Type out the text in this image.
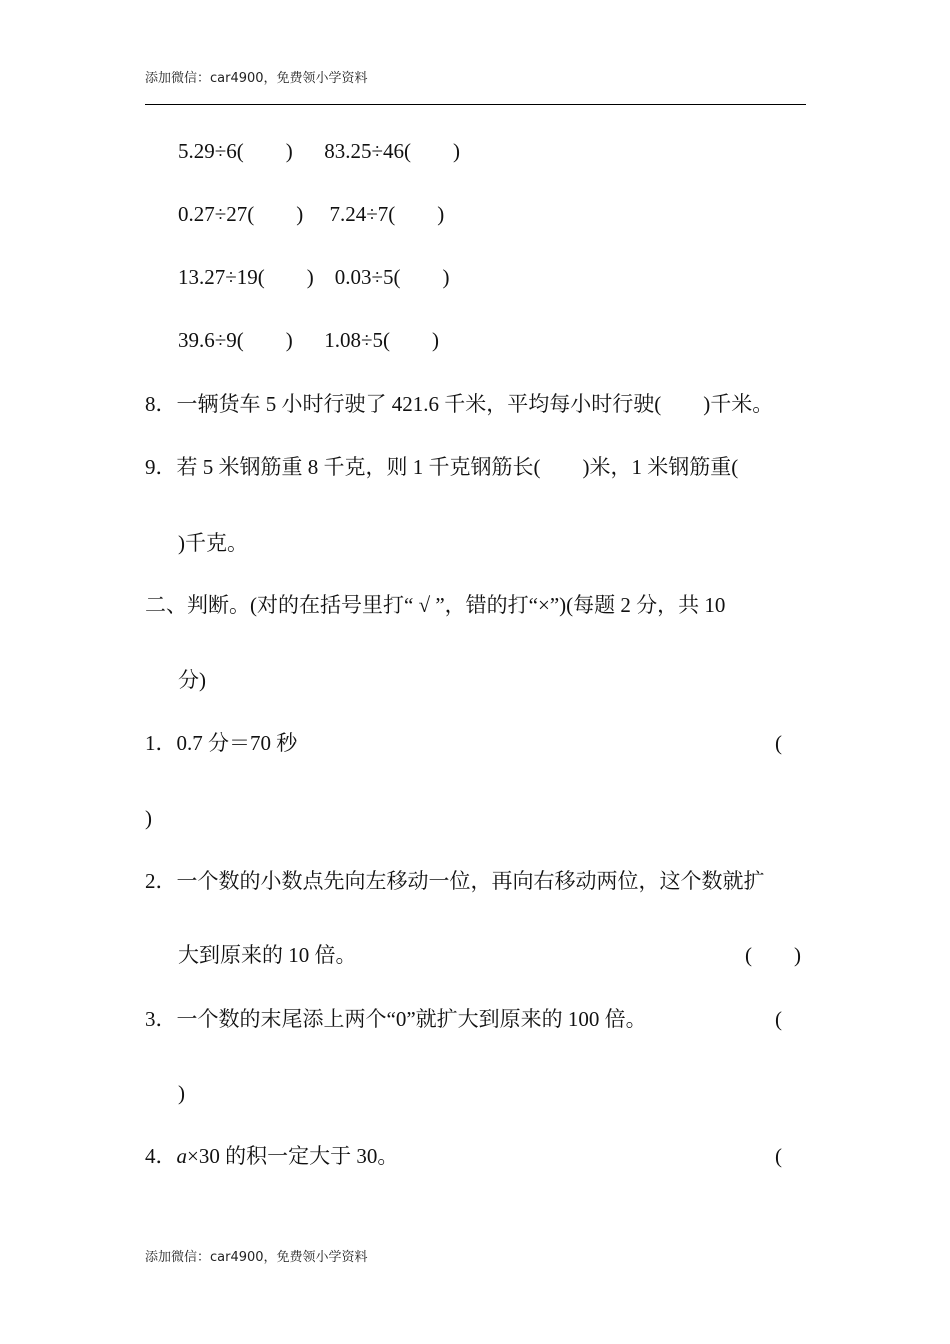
添加微信：car4900，免费领小学资料
5.29÷6(　　)　  83.25÷46(　　)
0.27÷27(　　)　 7.24÷7(　　)
13.27÷19(　　)　0.03÷5(　　)
39.6÷9(　　)　  1.08÷5(　　)
8．一辆货车 5 小时行驶了 421.6 千米，平均每小时行驶(　　)千米。
9．若 5 米钢筋重 8 千克，则 1 千克钢筋长(　　)米，1 米钢筋重(
)千克。
二、判断。(对的在括号里打“ √ ”，错的打“×”)(每题 2 分，共 10
分)
1．0.7 分＝70 秒	(
)
2．一个数的小数点先向左移动一位，再向右移动两位，这个数就扩
大到原来的 10 倍。	(　　)
3．一个数的末尾添上两个“0”就扩大到原来的 100 倍。	(
)
4．a×30 的积一定大于 30。	(
添加微信：car4900，免费领小学资料
